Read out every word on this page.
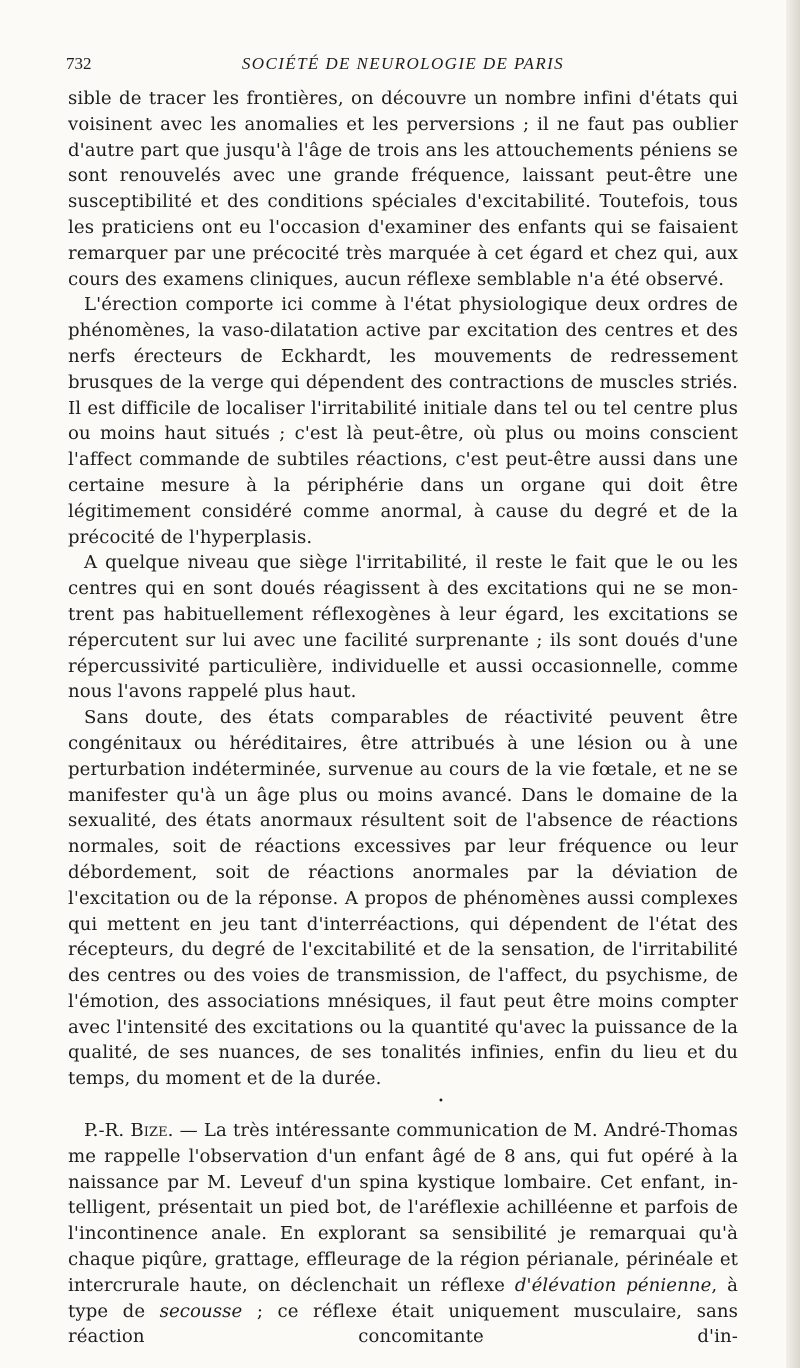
732	SOCIÉTÉ DE NEUROLOGIE DE PARIS

sible de tracer les frontières, on découvre un nombre infini d'états qui voisinent avec les anomalies et les perversions ; il ne faut pas oublier d'autre part que jusqu'à l'âge de trois ans les attouchements péniens se sont renouvelés avec une grande fréquence, laissant peut-être une susceptibilité et des conditions spéciales d'excitabilité. Toutefois, tous les praticiens ont eu l'occasion d'examiner des enfants qui se faisaient remarquer par une précocité très marquée à cet égard et chez qui, aux cours des examens cliniques, aucun réflexe semblable n'a été observé.

L'érection comporte ici comme à l'état physiologique deux ordres de phénomènes, la vaso-dilatation active par excitation des centres et des nerfs érecteurs de Eckhardt, les mouvements de redressement brusques de la verge qui dépendent des contractions de muscles striés. Il est difficile de localiser l'irritabilité initiale dans tel ou tel centre plus ou moins haut situés ; c'est là peut-être, où plus ou moins conscient l'affect commande de subtiles réactions, c'est peut-être aussi dans une certaine mesure à la périphérie dans un organe qui doit être légitimement considéré comme anormal, à cause du degré et de la précocité de l'hyperplasis.

A quelque niveau que siège l'irritabilité, il reste le fait que le ou les centres qui en sont doués réagissent à des excitations qui ne se montrent pas habituellement réflexogènes à leur égard, les excitations se répercutent sur lui avec une facilité surprenante ; ils sont doués d'une répercussivité particulière, individuelle et aussi occasionnelle, comme nous l'avons rappelé plus haut.

Sans doute, des états comparables de réactivité peuvent être congénitaux ou héréditaires, être attribués à une lésion ou à une perturbation indéterminée, survenue au cours de la vie fœtale, et ne se manifester qu'à un âge plus ou moins avancé. Dans le domaine de la sexualité, des états anormaux résultent soit de l'absence de réactions normales, soit de réactions excessives par leur fréquence ou leur débordement, soit de réactions anormales par la déviation de l'excitation ou de la réponse. A propos de phénomènes aussi complexes qui mettent en jeu tant d'interréactions, qui dépendent de l'état des récepteurs, du degré de l'excitabilité et de la sensation, de l'irritabilité des centres ou des voies de transmission, de l'affect, du psychisme, de l'émotion, des associations mnésiques, il faut peut être moins compter avec l'intensité des excitations ou la quantité qu'avec la puissance de la qualité, de ses nuances, de ses tonalités infinies, enfin du lieu et du temps, du moment et de la durée.

•

P.-R. Bize. — La très intéressante communication de M. André-Thomas me rappelle l'observation d'un enfant âgé de 8 ans, qui fut opéré à la naissance par M. Leveuf d'un spina kystique lombaire. Cet enfant, intelligent, présentait un pied bot, de l'aréflexie achilléenne et parfois de l'incontinence anale. En explorant sa sensibilité je remarquai qu'à chaque piqûre, grattage, effleurage de la région périanale, périnéale et intercrurale haute, on déclenchait un réflexe d'élévation pénienne, à type de secousse ; ce réflexe était uniquement musculaire, sans réaction concomitante d'in-
